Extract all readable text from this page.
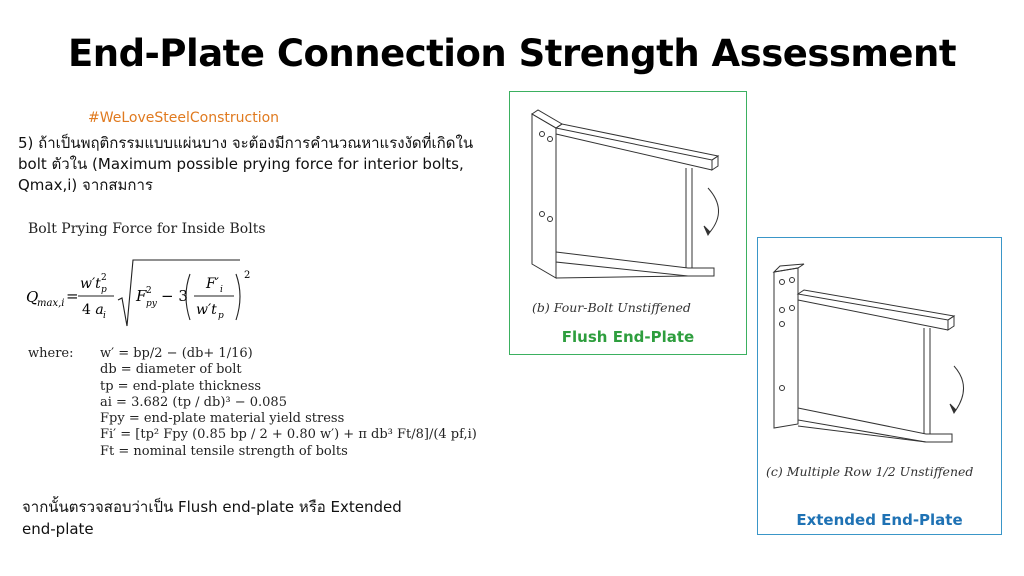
End-Plate Connection Strength Assessment
#WeLoveSteelConstruction
5) ถ้าเป็นพฤติกรรมแบบแผ่นบาง จะต้องมีการคำนวณหาแรงงัดที่เกิดใน bolt ตัวใน (Maximum possible prying force for interior bolts, Qmax,i) จากสมการ
Bolt Prying Force for Inside Bolts
Q
max,i =
w′t p
2
4 a i
F py
2 − 3
F′ i
w′t p
2
where: w′ = bp/2 − (db+ 1/16)
db = diameter of bolt
tp = end-plate thickness
ai = 3.682 (tp / db)³ − 0.085
Fpy = end-plate material yield stress
Fi′ = [tp² Fpy (0.85 bp / 2 + 0.80 w′) + π db³ Ft/8]/(4 pf,i)
Ft = nominal tensile strength of bolts
จากนั้นตรวจสอบว่าเป็น Flush end-plate หรือ Extended end-plate
(b) Four-Bolt Unstiffened
Flush End-Plate
(c) Multiple Row 1/2 Unstiffened
Extended End-Plate
